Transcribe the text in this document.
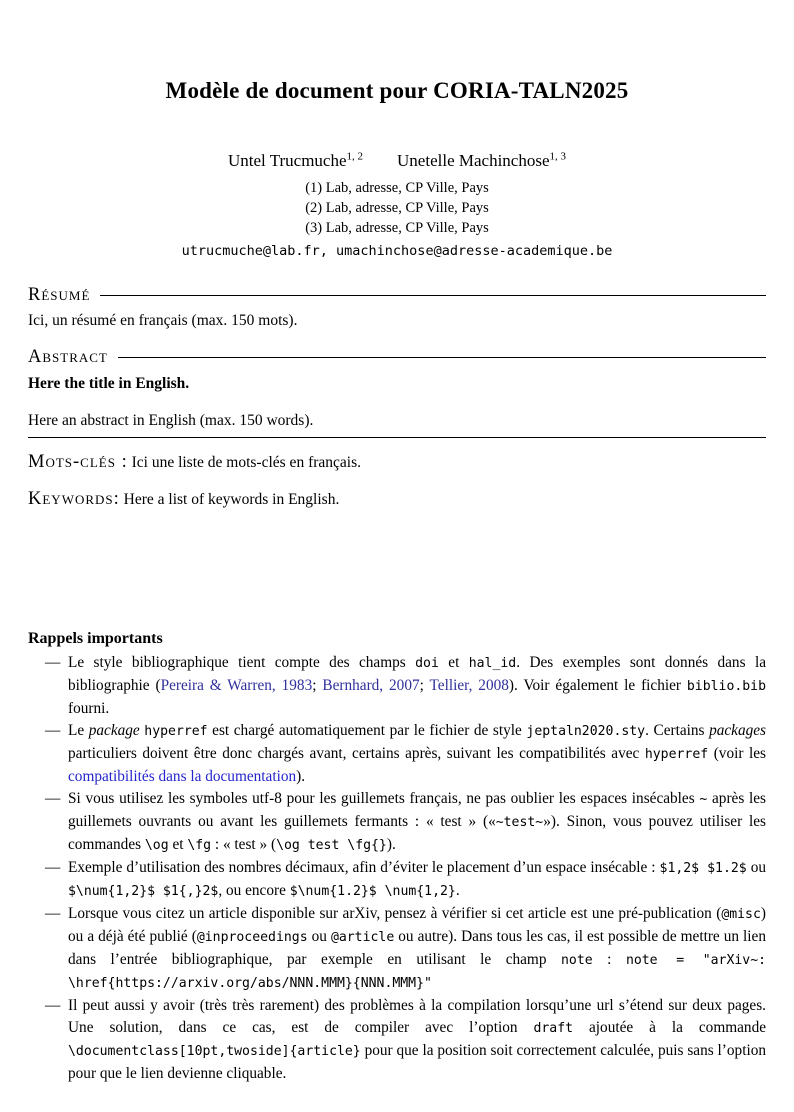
Modèle de document pour CORIA-TALN2025
Untel Trucmuche$^{1, 2}$ Unetelle Machinchose$^{1, 3}$
(1) Lab, adresse, CP Ville, Pays
(2) Lab, adresse, CP Ville, Pays
(3) Lab, adresse, CP Ville, Pays
utrucmuche@lab.fr, umachinchose@adresse-academique.be
Résumé
Ici, un résumé en français (max. 150 mots).
Abstract
Here the title in English.
Here an abstract in English (max. 150 words).
Mots-clés : Ici une liste de mots-clés en français.
Keywords: Here a list of keywords in English.
Rappels importants
— Le style bibliographique tient compte des champs doi et hal_id. Des exemples sont donnés dans la bibliographie (Pereira & Warren, 1983; Bernhard, 2007; Tellier, 2008). Voir également le fichier biblio.bib fourni.
— Le package hyperref est chargé automatiquement par le fichier de style jeptaln2020.sty. Certains packages particuliers doivent être donc chargés avant, certains après, suivant les compatibilités avec hyperref (voir les compatibilités dans la documentation).
— Si vous utilisez les symboles utf-8 pour les guillemets français, ne pas oublier les espaces insécables ~ après les guillemets ouvrants ou avant les guillemets fermants : « test » («~test~»). Sinon, vous pouvez utiliser les commandes \og et \fg : « test » (\og test \fg{}).
— Exemple d’utilisation des nombres décimaux, afin d’éviter le placement d’un espace insécable : $1,2$ $1.2$ ou $\num{1,2}$ $1{,}2$, ou encore $\num{1.2}$ \num{1,2}.
— Lorsque vous citez un article disponible sur arXiv, pensez à vérifier si cet article est une pré-publication (@misc) ou a déjà été publié (@inproceedings ou @article ou autre). Dans tous les cas, il est possible de mettre un lien dans l’entrée bibliographique, par exemple en utilisant le champ note : note = "arXiv~: \href{https://arxiv.org/abs/NNN.MMM}{NNN.MMM}"
— Il peut aussi y avoir (très très rarement) des problèmes à la compilation lorsqu’une url s’étend sur deux pages. Une solution, dans ce cas, est de compiler avec l’option draft ajoutée à la commande \documentclass[10pt,twoside]{article} pour que la position soit correctement calculée, puis sans l’option pour que le lien devienne cliquable.
